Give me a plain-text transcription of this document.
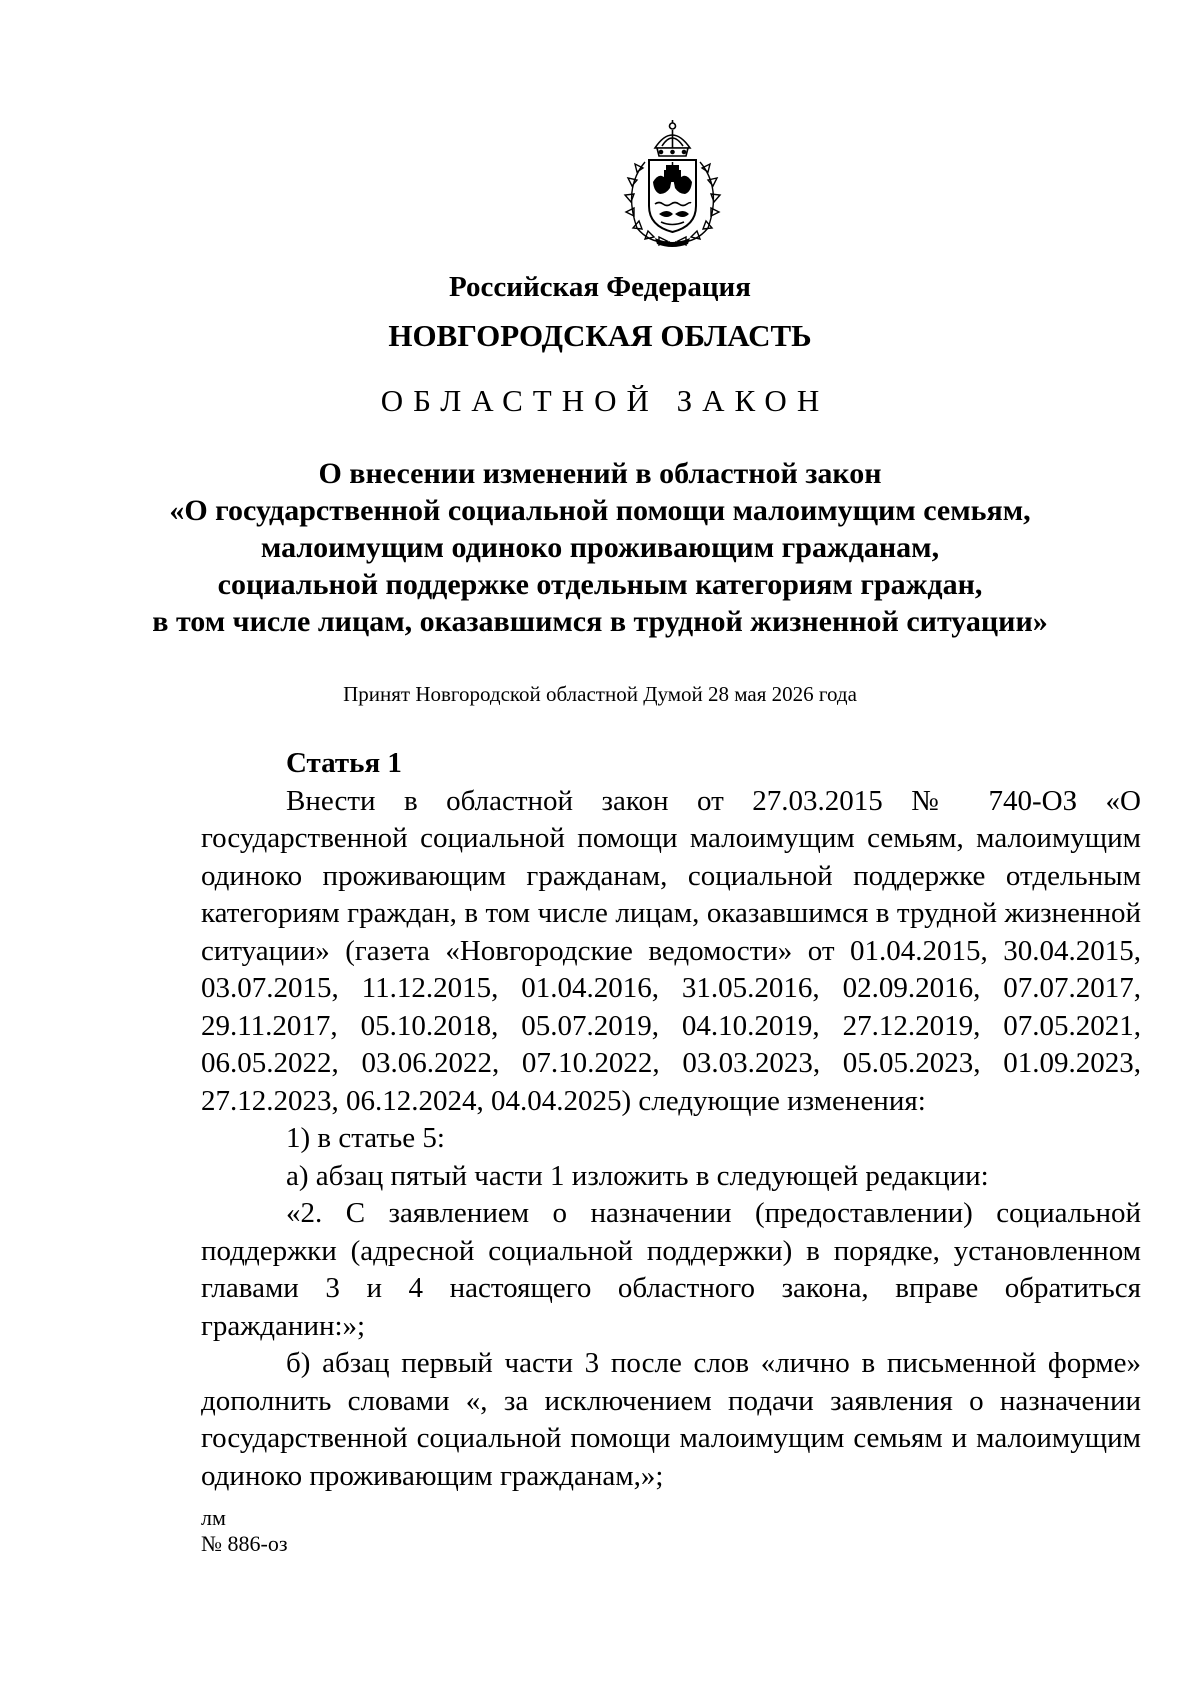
Российская Федерация
НОВГОРОДСКАЯ ОБЛАСТЬ
ОБЛАСТНОЙ ЗАКОН
О внесении изменений в областной закон
«О государственной социальной помощи малоимущим семьям,
малоимущим одиноко проживающим гражданам,
социальной поддержке отдельным категориям граждан,
в том числе лицам, оказавшимся в трудной жизненной ситуации»
Принят Новгородской областной Думой 28 мая 2026 года
Статья 1

Внести в областной закон от 27.03.2015 № 740-ОЗ «О государственной социальной помощи малоимущим семьям, малоимущим одиноко проживающим гражданам, социальной поддержке отдельным категориям граждан, в том числе лицам, оказавшимся в трудной жизненной ситуации» (газета «Новгородские ведомости» от 01.04.2015, 30.04.2015, 03.07.2015, 11.12.2015, 01.04.2016, 31.05.2016, 02.09.2016, 07.07.2017, 29.11.2017, 05.10.2018, 05.07.2019, 04.10.2019, 27.12.2019, 07.05.2021, 06.05.2022, 03.06.2022, 07.10.2022, 03.03.2023, 05.05.2023, 01.09.2023, 27.12.2023, 06.12.2024, 04.04.2025) следующие изменения:

1) в статье 5:

а) абзац пятый части 1 изложить в следующей редакции:

«2. С заявлением о назначении (предоставлении) социальной поддержки (адресной социальной поддержки) в порядке, установленном главами 3 и 4 настоящего областного закона, вправе обратиться гражданин:»;

б) абзац первый части 3 после слов «лично в письменной форме» дополнить словами «, за исключением подачи заявления о назначении государственной социальной помощи малоимущим семьям и малоимущим одиноко проживающим гражданам,»;

лм
№ 886-оз
